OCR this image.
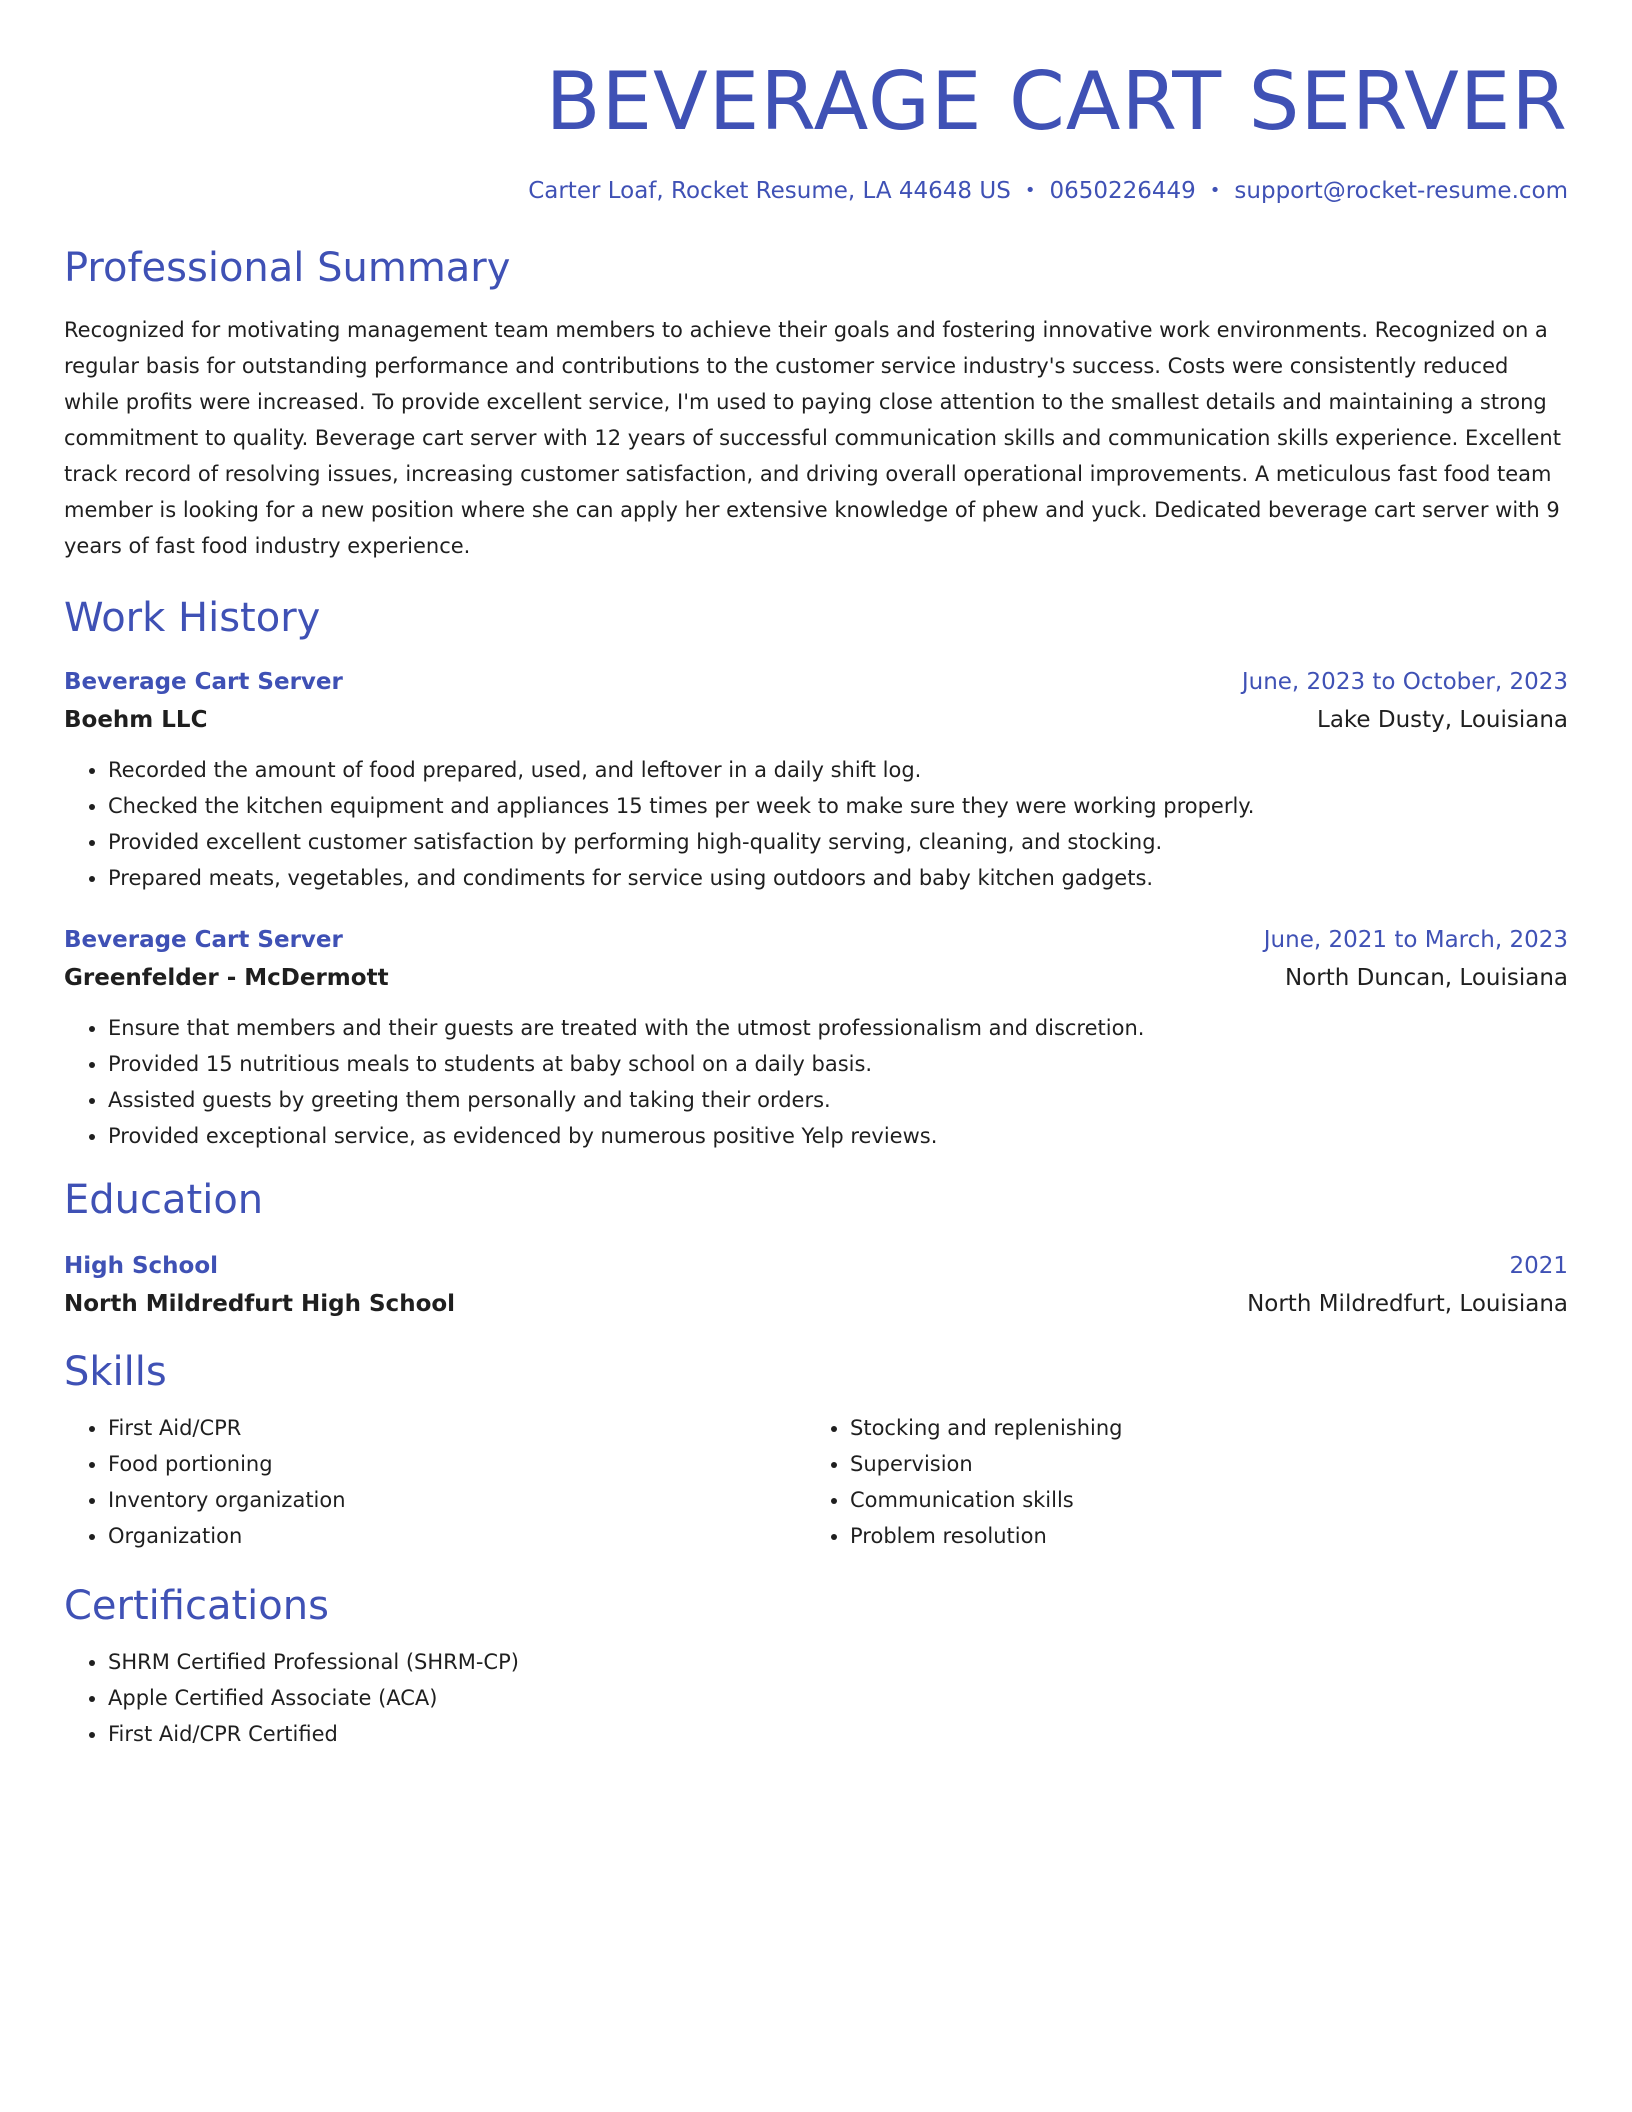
BEVERAGE CART SERVER
Carter Loaf, Rocket Resume, LA 44648 US • 0650226449 • support@rocket-resume.com
Professional Summary
Recognized for motivating management team members to achieve their goals and fostering innovative work environments. Recognized on a regular basis for outstanding performance and contributions to the customer service industry's success. Costs were consistently reduced while profits were increased. To provide excellent service, I'm used to paying close attention to the smallest details and maintaining a strong commitment to quality. Beverage cart server with 12 years of successful communication skills and communication skills experience. Excellent track record of resolving issues, increasing customer satisfaction, and driving overall operational improvements. A meticulous fast food team member is looking for a new position where she can apply her extensive knowledge of phew and yuck. Dedicated beverage cart server with 9 years of fast food industry experience.
Work History
Beverage Cart Server	June, 2023 to October, 2023
Boehm LLC	Lake Dusty, Louisiana
• Recorded the amount of food prepared, used, and leftover in a daily shift log.
• Checked the kitchen equipment and appliances 15 times per week to make sure they were working properly.
• Provided excellent customer satisfaction by performing high-quality serving, cleaning, and stocking.
• Prepared meats, vegetables, and condiments for service using outdoors and baby kitchen gadgets.
Beverage Cart Server	June, 2021 to March, 2023
Greenfelder - McDermott	North Duncan, Louisiana
• Ensure that members and their guests are treated with the utmost professionalism and discretion.
• Provided 15 nutritious meals to students at baby school on a daily basis.
• Assisted guests by greeting them personally and taking their orders.
• Provided exceptional service, as evidenced by numerous positive Yelp reviews.
Education
High School	2021
North Mildredfurt High School	North Mildredfurt, Louisiana
Skills
• First Aid/CPR
• Food portioning
• Inventory organization
• Organization
• Stocking and replenishing
• Supervision
• Communication skills
• Problem resolution
Certifications
• SHRM Certified Professional (SHRM-CP)
• Apple Certified Associate (ACA)
• First Aid/CPR Certified
